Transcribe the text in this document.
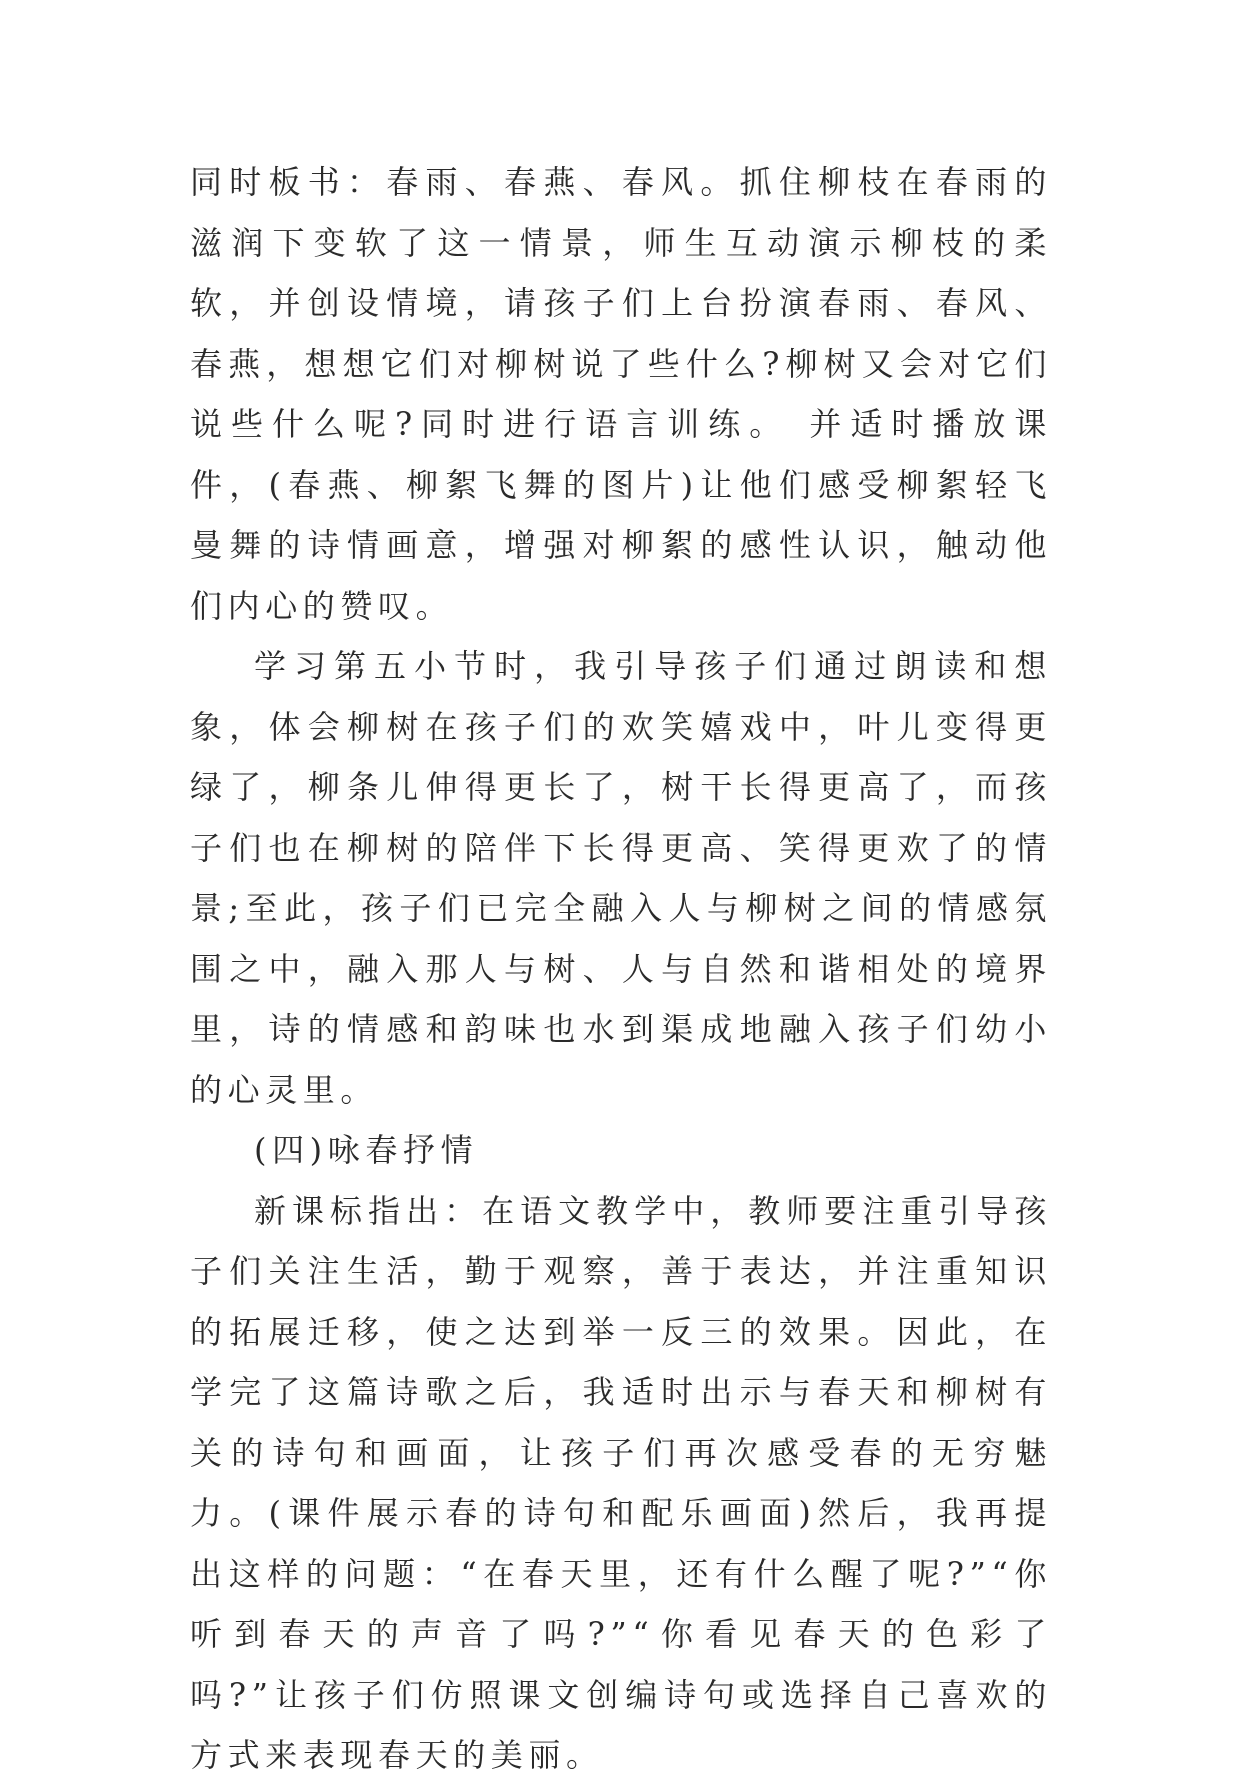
同时板书：春雨、春燕、春风。抓住柳枝在春雨的滋润下变软了这一情景，师生互动演示柳枝的柔软，并创设情境，请孩子们上台扮演春雨、春风、春燕，想想它们对柳树说了些什么?柳树又会对它们说些什么呢?同时进行语言训练。 并适时播放课件，(春燕、柳絮飞舞的图片)让他们感受柳絮轻飞曼舞的诗情画意，增强对柳絮的感性认识，触动他们内心的赞叹。

学习第五小节时，我引导孩子们通过朗读和想象，体会柳树在孩子们的欢笑嬉戏中，叶儿变得更绿了，柳条儿伸得更长了，树干长得更高了，而孩子们也在柳树的陪伴下长得更高、笑得更欢了的情景;至此，孩子们已完全融入人与柳树之间的情感氛围之中，融入那人与树、人与自然和谐相处的境界里，诗的情感和韵味也水到渠成地融入孩子们幼小的心灵里。

(四)咏春抒情

新课标指出：在语文教学中，教师要注重引导孩子们关注生活，勤于观察，善于表达，并注重知识的拓展迁移，使之达到举一反三的效果。因此，在学完了这篇诗歌之后，我适时出示与春天和柳树有关的诗句和画面，让孩子们再次感受春的无穷魅力。(课件展示春的诗句和配乐画面)然后，我再提出这样的问题：“在春天里，还有什么醒了呢?”“你听到春天的声音了吗?”“你看见春天的色彩了吗?”让孩子们仿照课文创编诗句或选择自己喜欢的方式来表现春天的美丽。
